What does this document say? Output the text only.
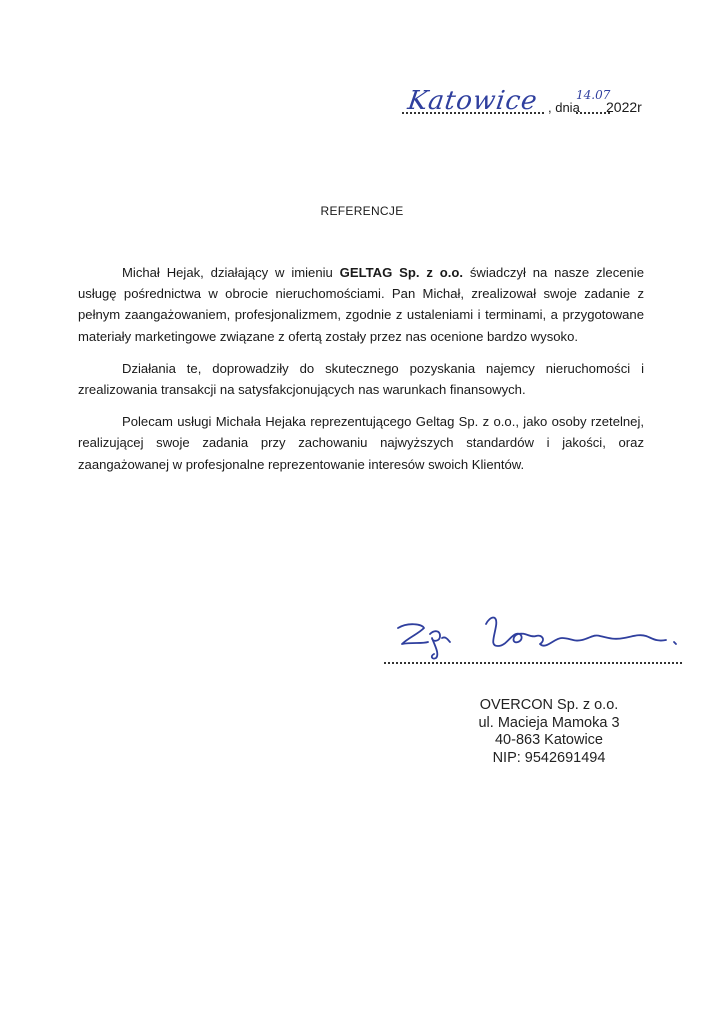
Katowice , dnia
14.07
2022r
REFERENCJE

Michał Hejak, działający w imieniu GELTAG Sp. z o.o. świadczył na nasze zlecenie usługę pośrednictwa w obrocie nieruchomościami. Pan Michał, zrealizował swoje zadanie z pełnym zaangażowaniem, profesjonalizmem, zgodnie z ustaleniami i terminami, a przygotowane materiały marketingowe związane z ofertą zostały przez nas ocenione bardzo wysoko.

Działania te, doprowadziły do skutecznego pozyskania najemcy nieruchomości i zrealizowania transakcji na satysfakcjonujących nas warunkach finansowych.

Polecam usługi Michała Hejaka reprezentującego Geltag Sp. z o.o., jako osoby rzetelnej, realizującej swoje zadania przy zachowaniu najwyższych standardów i jakości, oraz zaangażowanej w profesjonalne reprezentowanie interesów swoich Klientów.

OVERCON Sp. z o.o.
ul. Macieja Mamoka 3
40-863 Katowice
NIP: 9542691494
